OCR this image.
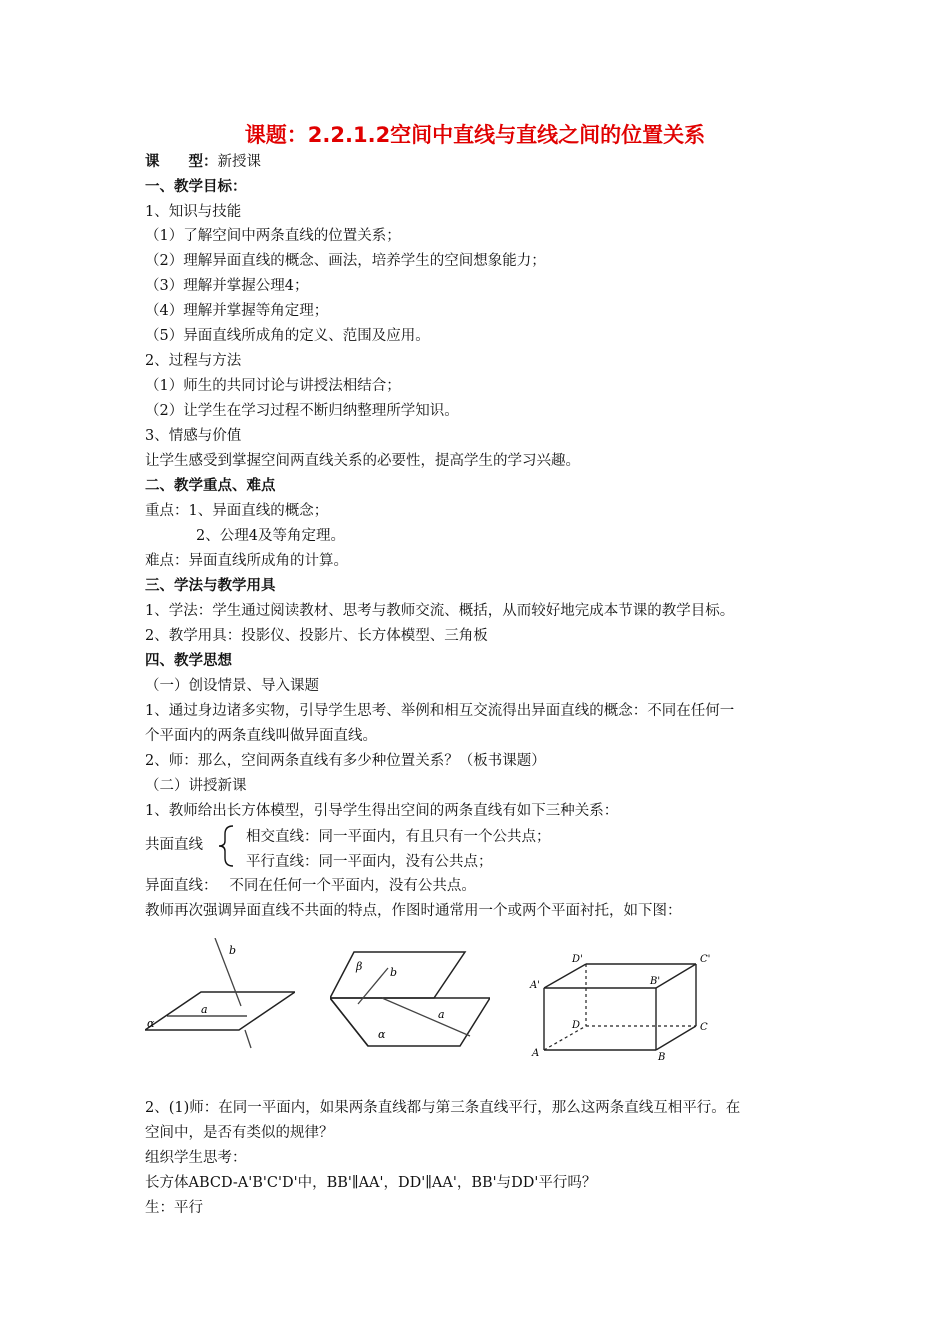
课题：2.2.1.2空间中直线与直线之间的位置关系
课　　型：新授课
一、教学目标：
1、知识与技能
（1）了解空间中两条直线的位置关系；
（2）理解异面直线的概念、画法，培养学生的空间想象能力；
（3）理解并掌握公理4；
（4）理解并掌握等角定理；
（5）异面直线所成角的定义、范围及应用。
2、过程与方法
（1）师生的共同讨论与讲授法相结合；
（2）让学生在学习过程不断归纳整理所学知识。
3、情感与价值
让学生感受到掌握空间两直线关系的必要性，提高学生的学习兴趣。
二、教学重点、难点
重点：1、异面直线的概念；
2、公理4及等角定理。
难点：异面直线所成角的计算。
三、学法与教学用具
1、学法：学生通过阅读教材、思考与教师交流、概括，从而较好地完成本节课的教学目标。
2、教学用具：投影仪、投影片、长方体模型、三角板
四、教学思想
（一）创设情景、导入课题
1、通过身边诸多实物，引导学生思考、举例和相互交流得出异面直线的概念：不同在任何一
个平面内的两条直线叫做异面直线。
2、师：那么，空间两条直线有多少种位置关系？（板书课题）
（二）讲授新课
1、教师给出长方体模型，引导学生得出空间的两条直线有如下三种关系：
共面直线	相交直线：同一平面内，有且只有一个公共点；
平行直线：同一平面内，没有公共点；
异面直线：　 不同在任何一个平面内，没有公共点。
教师再次强调异面直线不共面的特点，作图时通常用一个或两个平面衬托，如下图：
α
a
b
β	b
a
α
D'	C'
A'	B'
D	C
A	B
2、(1)师：在同一平面内，如果两条直线都与第三条直线平行，那么这两条直线互相平行。在
空间中，是否有类似的规律？
组织学生思考：
长方体ABCD-A'B'C'D'中，BB'∥AA'，DD'∥AA'，BB'与DD'平行吗？
生：平行
